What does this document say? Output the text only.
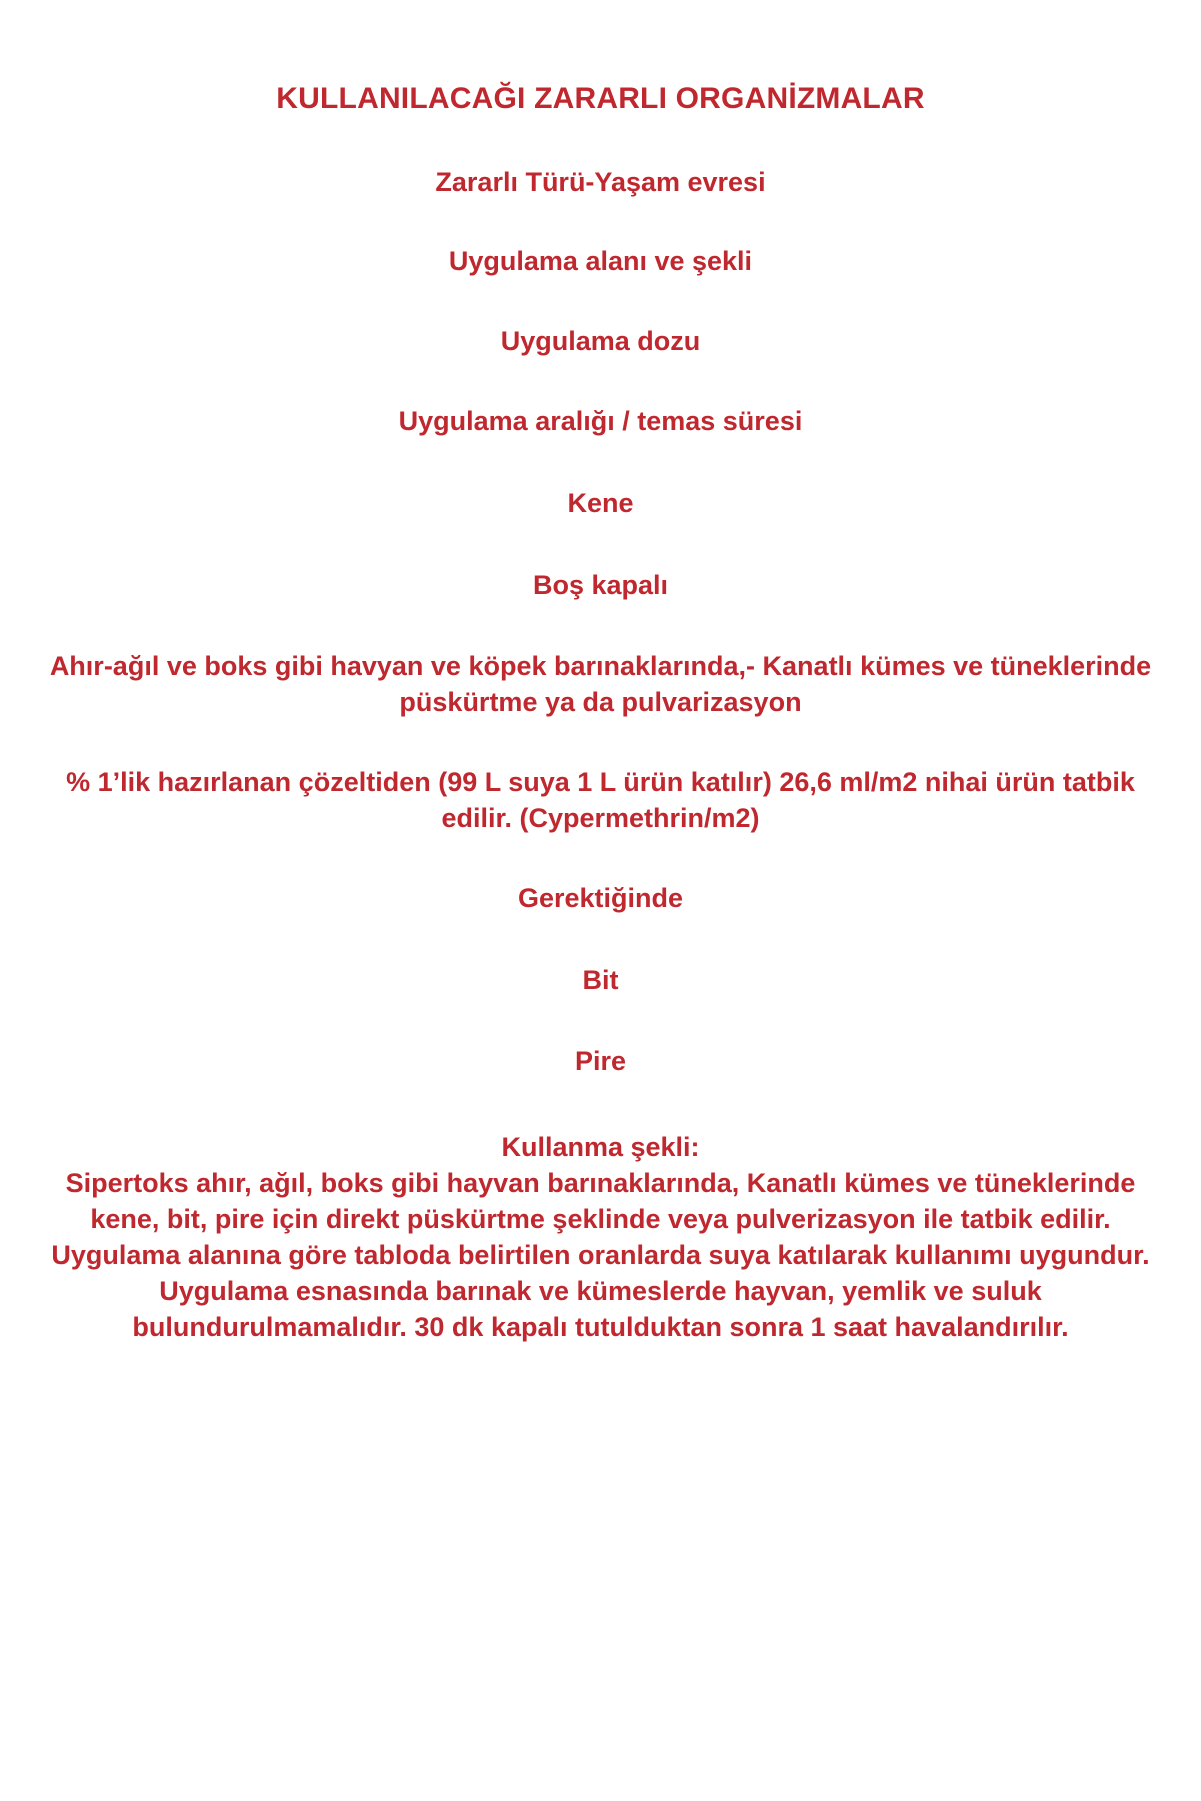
KULLANILACAĞI ZARARLI ORGANİZMALAR
Zararlı Türü-Yaşam evresi
Uygulama alanı ve şekli
Uygulama dozu
Uygulama aralığı / temas süresi
Kene
Boş kapalı
Ahır-ağıl ve boks gibi havyan ve köpek barınaklarında,- Kanatlı kümes ve tüneklerinde püskürtme ya da pulvarizasyon
% 1’lik hazırlanan çözeltiden (99 L suya 1 L ürün katılır) 26,6 ml/m2 nihai ürün tatbik edilir. (Cypermethrin/m2)
Gerektiğinde
Bit
Pire
Kullanma şekli:
Sipertoks ahır, ağıl, boks gibi hayvan barınaklarında, Kanatlı kümes ve tüneklerinde kene, bit, pire için direkt püskürtme şeklinde veya pulverizasyon ile tatbik edilir. Uygulama alanına göre tabloda belirtilen oranlarda suya katılarak kullanımı uygundur. Uygulama esnasında barınak ve kümeslerde hayvan, yemlik ve suluk bulundurulmamalıdır. 30 dk kapalı tutulduktan sonra 1 saat havalandırılır.
